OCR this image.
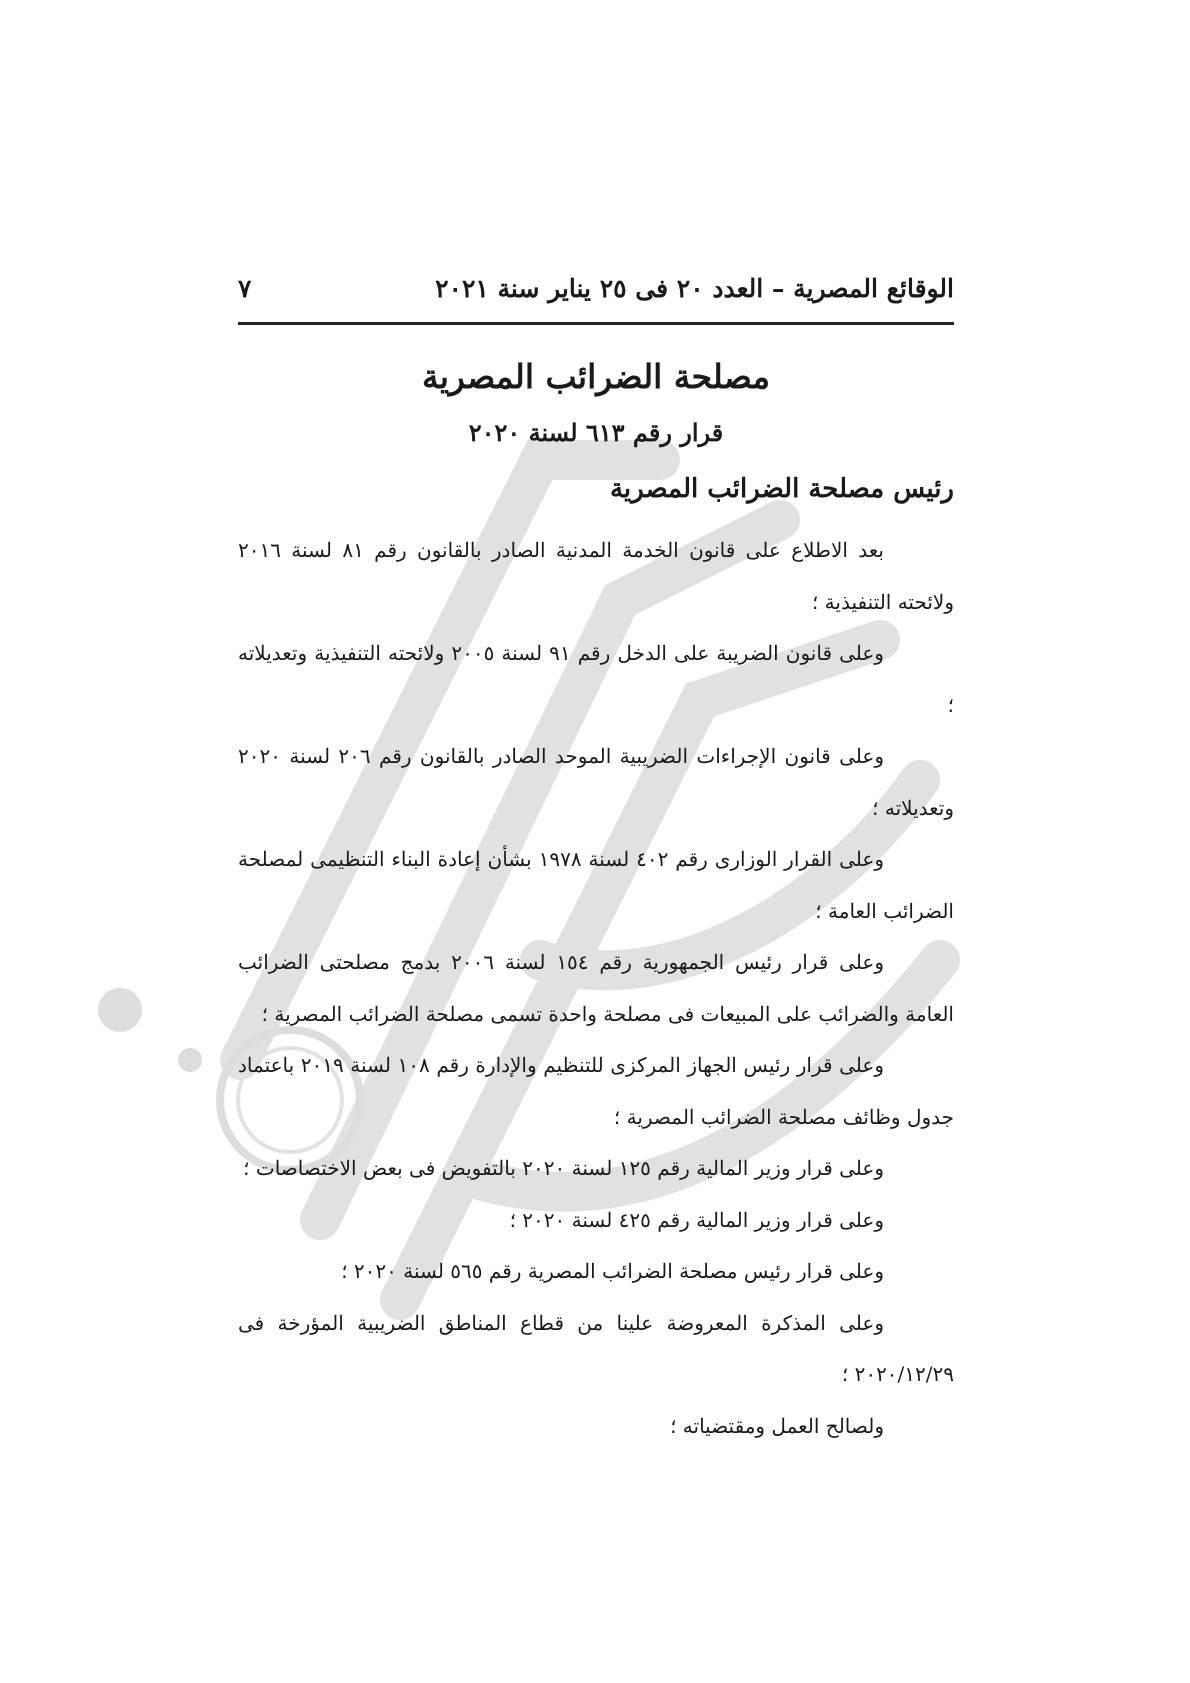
الوقائع المصرية – العدد ٢٠ فى ٢٥ يناير سنة ٢٠٢١
٧
مصلحة الضرائب المصرية
قرار رقم ٦١٣ لسنة ٢٠٢٠
رئيس مصلحة الضرائب المصرية

بعد الاطلاع على قانون الخدمة المدنية الصادر بالقانون رقم ٨١ لسنة ٢٠١٦ ولائحته التنفيذية ؛

وعلى قانون الضريبة على الدخل رقم ٩١ لسنة ٢٠٠٥ ولائحته التنفيذية وتعديلاته ؛

وعلى قانون الإجراءات الضريبية الموحد الصادر بالقانون رقم ٢٠٦ لسنة ٢٠٢٠ وتعديلاته ؛

وعلى القرار الوزارى رقم ٤٠٢ لسنة ١٩٧٨ بشأن إعادة البناء التنظيمى لمصلحة الضرائب العامة ؛

وعلى قرار رئيس الجمهورية رقم ١٥٤ لسنة ٢٠٠٦ بدمج مصلحتى الضرائب العامة والضرائب على المبيعات فى مصلحة واحدة تسمى مصلحة الضرائب المصرية ؛

وعلى قرار رئيس الجهاز المركزى للتنظيم والإدارة رقم ١٠٨ لسنة ٢٠١٩ باعتماد جدول وظائف مصلحة الضرائب المصرية ؛

وعلى قرار وزير المالية رقم ١٢٥ لسنة ٢٠٢٠ بالتفويض فى بعض الاختصاصات ؛

وعلى قرار وزير المالية رقم ٤٢٥ لسنة ٢٠٢٠ ؛

وعلى قرار رئيس مصلحة الضرائب المصرية رقم ٥٦٥ لسنة ٢٠٢٠ ؛

وعلى المذكرة المعروضة علينا من قطاع المناطق الضريبية المؤرخة فى ٢٠٢٠/١٢/٢٩ ؛

ولصالح العمل ومقتضياته ؛
